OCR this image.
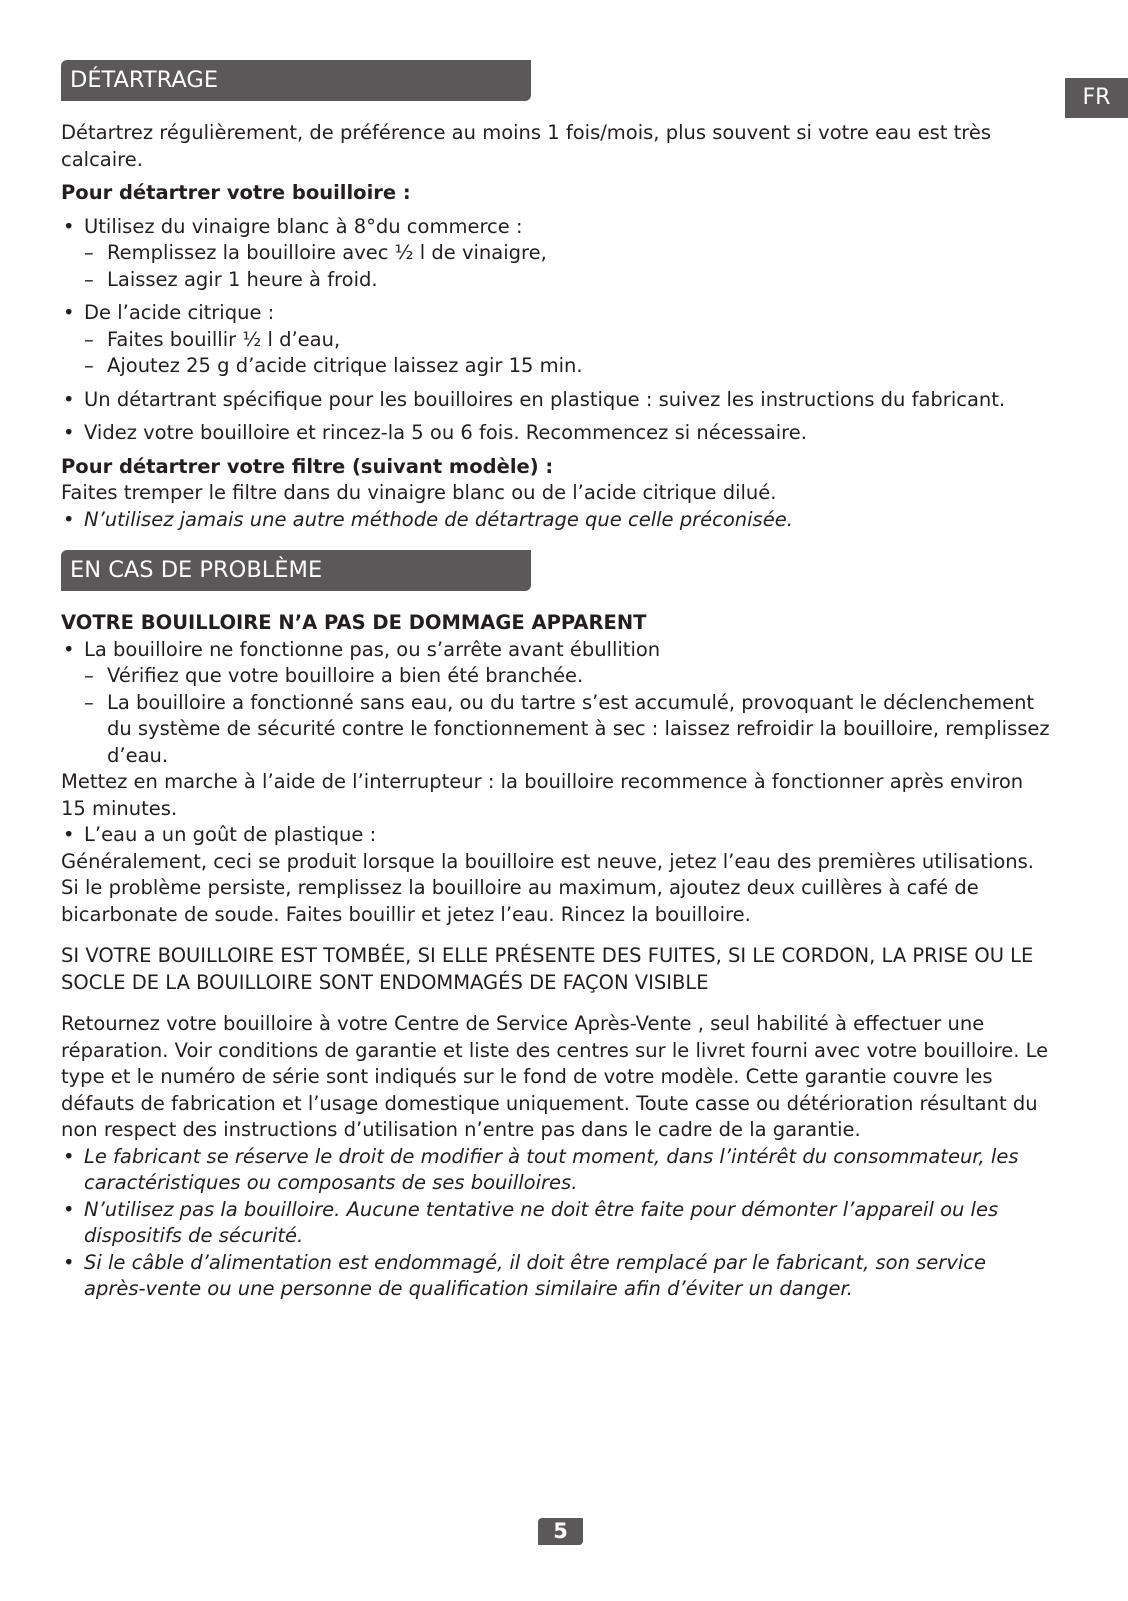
FR
DÉTARTRAGE

Détartrez régulièrement, de préférence au moins 1 fois/mois, plus souvent si votre eau est très calcaire.

Pour détartrer votre bouilloire :

• Utilisez du vinaigre blanc à 8°du commerce :

– Remplissez la bouilloire avec ½ l de vinaigre,

– Laissez agir 1 heure à froid.

• De l’acide citrique :

– Faites bouillir ½ l d’eau,

– Ajoutez 25 g d’acide citrique laissez agir 15 min.

• Un détartrant spécifique pour les bouilloires en plastique : suivez les instructions du fabricant.

• Videz votre bouilloire et rincez-la 5 ou 6 fois. Recommencez si nécessaire.

Pour détartrer votre filtre (suivant modèle) :

Faites tremper le filtre dans du vinaigre blanc ou de l’acide citrique dilué.

• N’utilisez jamais une autre méthode de détartrage que celle préconisée.

EN CAS DE PROBLÈME

VOTRE BOUILLOIRE N’A PAS DE DOMMAGE APPARENT

• La bouilloire ne fonctionne pas, ou s’arrête avant ébullition

– Vérifiez que votre bouilloire a bien été branchée.

– La bouilloire a fonctionné sans eau, ou du tartre s’est accumulé, provoquant le déclenchement du système de sécurité contre le fonctionnement à sec : laissez refroidir la bouilloire, remplissez d’eau.

Mettez en marche à l’aide de l’interrupteur : la bouilloire recommence à fonctionner après environ 15 minutes.

• L’eau a un goût de plastique :

Généralement, ceci se produit lorsque la bouilloire est neuve, jetez l’eau des premières utilisations. Si le problème persiste, remplissez la bouilloire au maximum, ajoutez deux cuillères à café de bicarbonate de soude. Faites bouillir et jetez l’eau. Rincez la bouilloire.

SI VOTRE BOUILLOIRE EST TOMBÉE, SI ELLE PRÉSENTE DES FUITES, SI LE CORDON, LA PRISE OU LE SOCLE DE LA BOUILLOIRE SONT ENDOMMAGÉS DE FAÇON VISIBLE

Retournez votre bouilloire à votre Centre de Service Après-Vente , seul habilité à effectuer une réparation. Voir conditions de garantie et liste des centres sur le livret fourni avec votre bouilloire. Le type et le numéro de série sont indiqués sur le fond de votre modèle. Cette garantie couvre les défauts de fabrication et l’usage domestique uniquement. Toute casse ou détérioration résultant du non respect des instructions d’utilisation n’entre pas dans le cadre de la garantie.

• Le fabricant se réserve le droit de modifier à tout moment, dans l’intérêt du consommateur, les caractéristiques ou composants de ses bouilloires.

• N’utilisez pas la bouilloire. Aucune tentative ne doit être faite pour démonter l’appareil ou les dispositifs de sécurité.

• Si le câble d’alimentation est endommagé, il doit être remplacé par le fabricant, son service après-vente ou une personne de qualification similaire afin d’éviter un danger.

5
